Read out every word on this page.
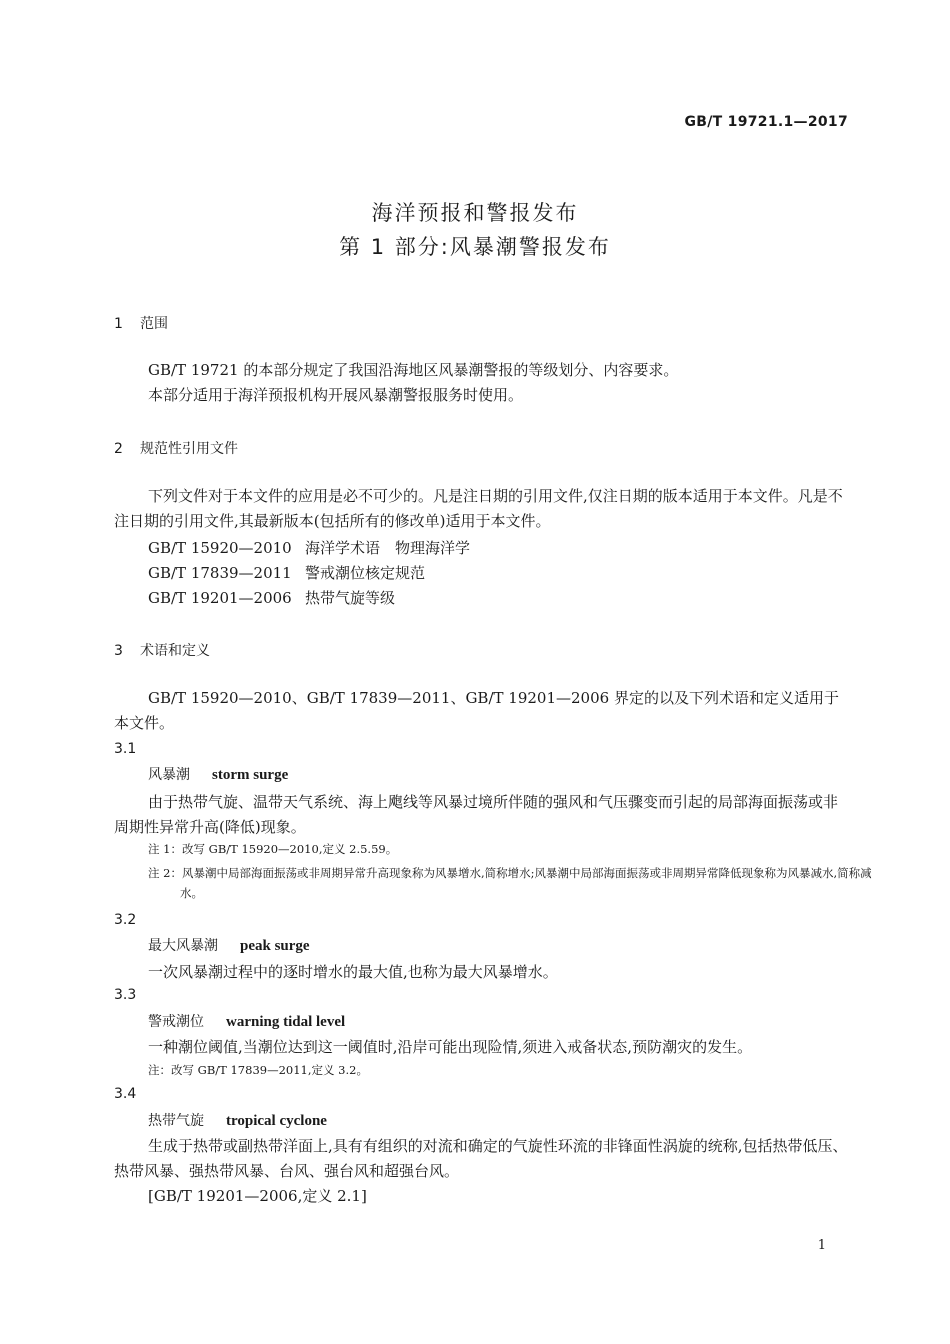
GB/T 19721.1—2017
海洋预报和警报发布
第 1 部分:风暴潮警报发布
1 范围
GB/T 19721 的本部分规定了我国沿海地区风暴潮警报的等级划分、内容要求。
本部分适用于海洋预报机构开展风暴潮警报服务时使用。
2 规范性引用文件
下列文件对于本文件的应用是必不可少的。凡是注日期的引用文件,仅注日期的版本适用于本文件。凡是不注日期的引用文件,其最新版本(包括所有的修改单)适用于本文件。
GB/T 15920—2010 海洋学术语　物理海洋学
GB/T 17839—2011 警戒潮位核定规范
GB/T 19201—2006 热带气旋等级
3 术语和定义
GB/T 15920—2010、GB/T 17839—2011、GB/T 19201—2006 界定的以及下列术语和定义适用于本文件。
3.1
风暴潮 storm surge
由于热带气旋、温带天气系统、海上飑线等风暴过境所伴随的强风和气压骤变而引起的局部海面振荡或非周期性异常升高(降低)现象。
注 1：改写 GB/T 15920—2010,定义 2.5.59。
注 2：风暴潮中局部海面振荡或非周期异常升高现象称为风暴增水,简称增水;风暴潮中局部海面振荡或非周期异常降低现象称为风暴减水,简称减水。
3.2
最大风暴潮 peak surge
一次风暴潮过程中的逐时增水的最大值,也称为最大风暴增水。
3.3
警戒潮位 warning tidal level
一种潮位阈值,当潮位达到这一阈值时,沿岸可能出现险情,须进入戒备状态,预防潮灾的发生。
注：改写 GB/T 17839—2011,定义 3.2。
3.4
热带气旋 tropical cyclone
生成于热带或副热带洋面上,具有有组织的对流和确定的气旋性环流的非锋面性涡旋的统称,包括热带低压、热带风暴、强热带风暴、台风、强台风和超强台风。
[GB/T 19201—2006,定义 2.1]
1
